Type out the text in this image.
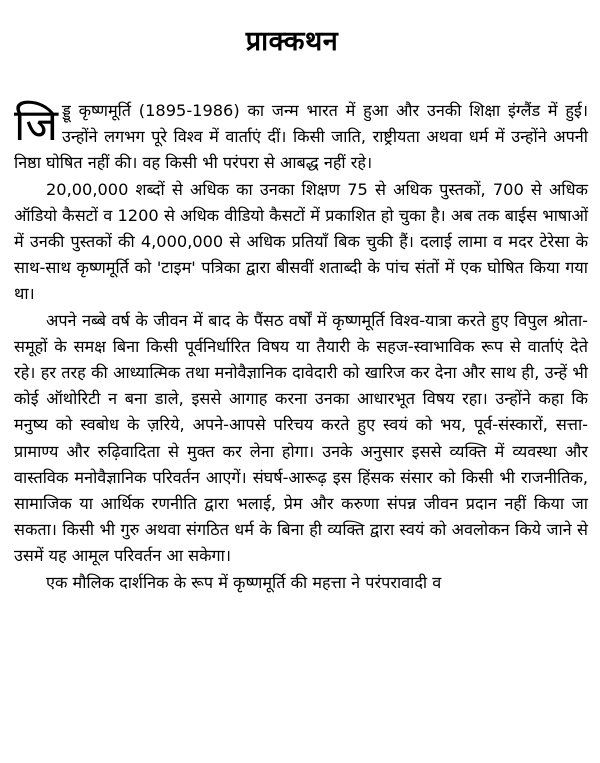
प्राक्कथन

जिड्डू कृष्णमूर्ति (1895-1986) का जन्म भारत में हुआ और उनकी शिक्षा इंग्लैंड में हुई। उन्होंने लगभग पूरे विश्व में वार्ताएं दीं। किसी जाति, राष्ट्रीयता अथवा धर्म में उन्होंने अपनी निष्ठा घोषित नहीं की। वह किसी भी परंपरा से आबद्ध नहीं रहे।

20,00,000 शब्दों से अधिक का उनका शिक्षण 75 से अधिक पुस्तकों, 700 से अधिक ऑडियो कैसटों व 1200 से अधिक वीडियो कैसटों में प्रकाशित हो चुका है। अब तक बाईस भाषाओं में उनकी पुस्तकों की 4,000,000 से अधिक प्रतियाँ बिक चुकी हैं। दलाई लामा व मदर टेरेसा के साथ-साथ कृष्णमूर्ति को 'टाइम' पत्रिका द्वारा बीसवीं शताब्दी के पांच संतों में एक घोषित किया गया था।

अपने नब्बे वर्ष के जीवन में बाद के पैंसठ वर्षों में कृष्णमूर्ति विश्व-यात्रा करते हुए विपुल श्रोता-समूहों के समक्ष बिना किसी पूर्वनिर्धारित विषय या तैयारी के सहज-स्वाभाविक रूप से वार्ताएं देते रहे। हर तरह की आध्यात्मिक तथा मनोवैज्ञानिक दावेदारी को खारिज कर देना और साथ ही, उन्हें भी कोई ऑथोरिटी न बना डाले, इससे आगाह करना उनका आधारभूत विषय रहा। उन्होंने कहा कि मनुष्य को स्वबोध के ज़रिये, अपने-आपसे परिचय करते हुए स्वयं को भय, पूर्व-संस्कारों, सत्ता-प्रामाण्य और रुढ़िवादिता से मुक्त कर लेना होगा। उनके अनुसार इससे व्यक्ति में व्यवस्था और वास्तविक मनोवैज्ञानिक परिवर्तन आएगें। संघर्ष-आरूढ़ इस हिंसक संसार को किसी भी राजनीतिक, सामाजिक या आर्थिक रणनीति द्वारा भलाई, प्रेम और करुणा संपन्न जीवन प्रदान नहीं किया जा सकता। किसी भी गुरु अथवा संगठित धर्म के बिना ही व्यक्ति द्वारा स्वयं को अवलोकन किये जाने से उसमें यह आमूल परिवर्तन आ सकेगा।

एक मौलिक दार्शनिक के रूप में कृष्णमूर्ति की महत्ता ने परंपरावादी व
